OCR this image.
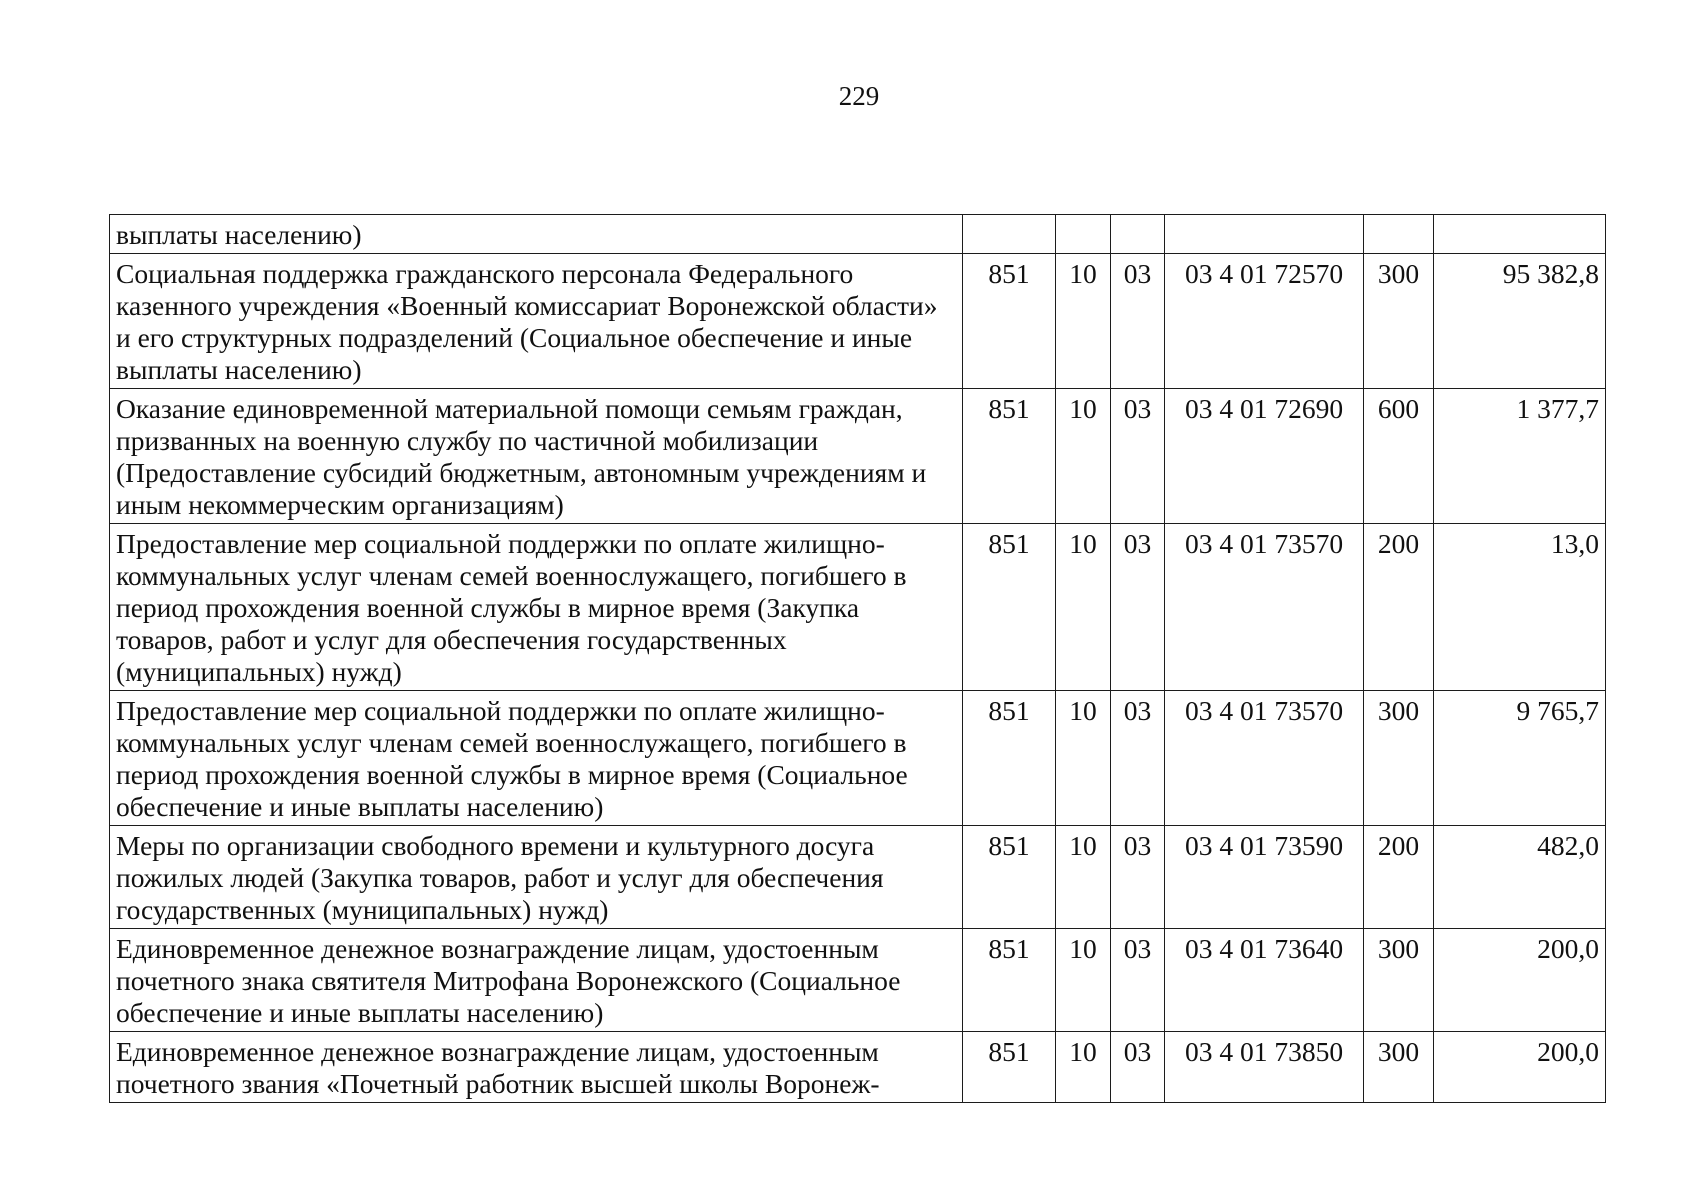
229
выплаты населению)						
Социальная поддержка гражданского персонала Федерального казенного учреждения «Военный комиссариат Воронежской области» и его структурных подразделений (Социальное обеспечение и иные выплаты населению)	851	10	03	03 4 01 72570	300	95 382,8
Оказание единовременной материальной помощи семьям граждан, призванных на военную службу по частичной мобилизации (Предоставление субсидий бюджетным, автономным учреждениям и иным некоммерческим организациям)	851	10	03	03 4 01 72690	600	1 377,7
Предоставление мер социальной поддержки по оплате жилищно-коммунальных услуг членам семей военнослужащего, погибшего в период прохождения военной службы в мирное время (Закупка товаров, работ и услуг для обеспечения государственных (муниципальных) нужд)	851	10	03	03 4 01 73570	200	13,0
Предоставление мер социальной поддержки по оплате жилищно-коммунальных услуг членам семей военнослужащего, погибшего в период прохождения военной службы в мирное время (Социальное обеспечение и иные выплаты населению)	851	10	03	03 4 01 73570	300	9 765,7
Меры по организации свободного времени и культурного досуга пожилых людей (Закупка товаров, работ и услуг для обеспечения государственных (муниципальных) нужд)	851	10	03	03 4 01 73590	200	482,0
Единовременное денежное вознаграждение лицам, удостоенным почетного знака святителя Митрофана Воронежского (Социальное обеспечение и иные выплаты населению)	851	10	03	03 4 01 73640	300	200,0
Единовременное денежное вознаграждение лицам, удостоенным почетного звания «Почетный работник высшей школы Воронеж-	851	10	03	03 4 01 73850	300	200,0
